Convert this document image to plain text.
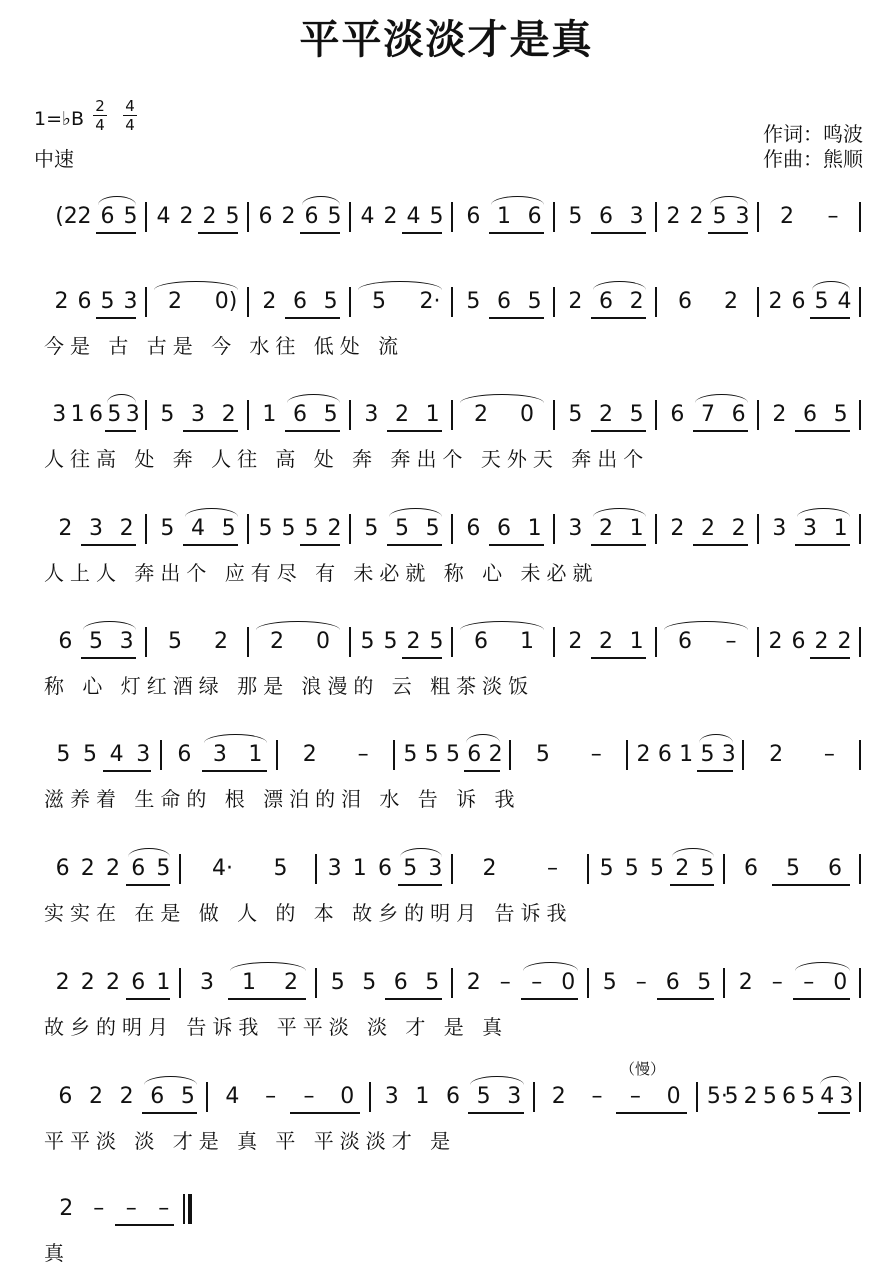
平平淡淡才是真
1=♭B
2
4
4
4
中速
作词：鸣波
作曲：熊顺
(2 2 6 5 4 2 2 5 6 2 6 5 4 2 4 5 6 1 6 5 6 3 2 2 5 3 2 –
2 6 5 3 2 0) 2 6 5 5 2· 5 6 5 2 6 2 6 2 2 6 5 4
今是 古 古是 今 水往 低处 流
3 1 6 5 3 5 3 2 1 6 5 3 2 1 2 0 5 2 5 6 7 6 2 6 5
人往高 处 奔 人往 高 处 奔 奔出个 天外天 奔出个
2 3 2 5 4 5 5 5 5 2 5 5 5 6 6 1 3 2 1 2 2 2 3 3 1
人上人 奔出个 应有尽 有 未必就 称 心 未必就
6 5 3 5 2 2 0 5 5 2 5 6 1 2 2 1 6 – 2 6 2 2
称 心 灯红酒绿 那是 浪漫的 云 粗茶淡饭
5 5 4 3 6 3 1 2 – 5 5 5 6 2 5 – 2 6 1 5 3 2 –
滋养着 生命的 根 漂泊的泪 水 告 诉 我
6 2 2 6 5 4· 5 3 1 6 5 3 2 – 5 5 5 2 5 6 5 6
实实在 在是 做 人 的 本 故乡的明月 告诉我
2 2 2 6 1 3 1 2 5 5 6 5 2 – – 0 5 – 6 5 2 – – 0
故乡的明月 告诉我 平平淡 淡 才 是 真
6 2 2 6 5 4 – – 0 3 1 6 5 3 2 – – 0 5·
5 2 5 6 5 4 3
平平淡 淡 才是 真 平 平淡淡才 是
2 – – –
真
（慢）
